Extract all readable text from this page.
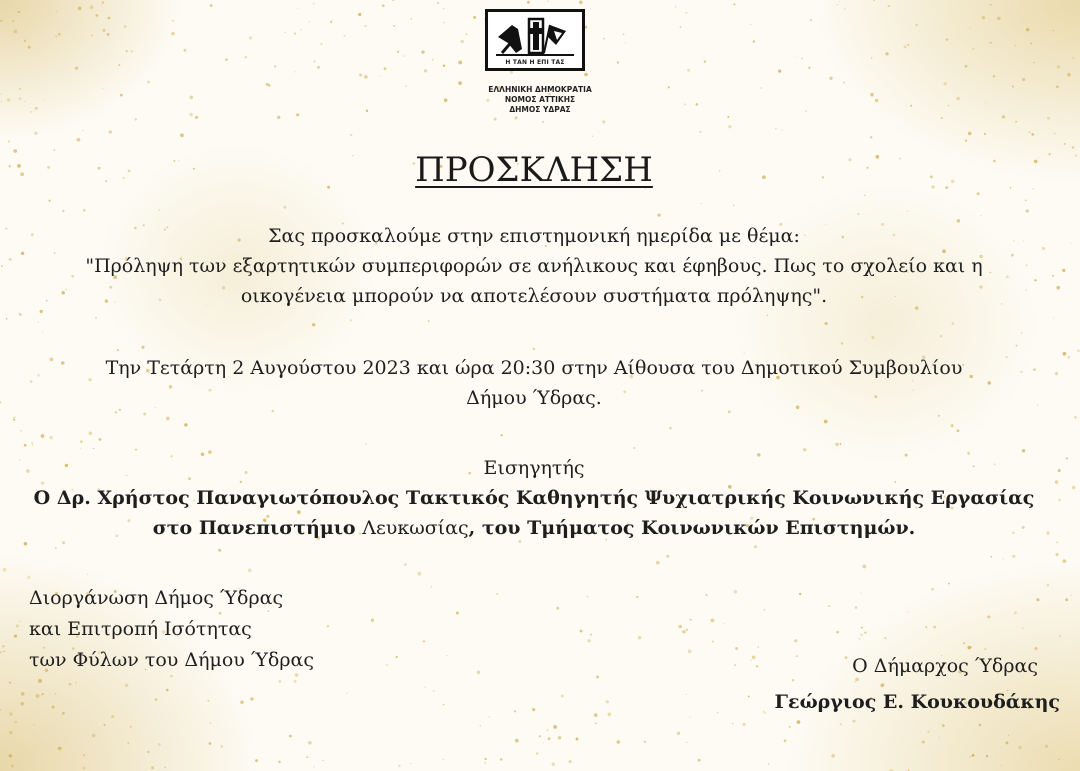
Η ΤΑΝ Η ΕΠΙ ΤΑΣ
ΕΛΛΗΝΙΚΗ ΔΗΜΟΚΡΑΤΙΑ
ΝΟΜΟΣ ΑΤΤΙΚΗΣ
ΔΗΜΟΣ ΥΔΡΑΣ
ΠΡΟΣΚΛΗΣΗ
Σας προσκαλούμε στην επιστημονική ημερίδα με θέμα:
"Πρόληψη των εξαρτητικών συμπεριφορών σε ανήλικους και έφηβους. Πως το σχολείο και η
οικογένεια μπορούν να αποτελέσουν συστήματα πρόληψης".
Την Τετάρτη 2 Αυγούστου 2023 και ώρα 20:30 στην Αίθουσα του Δημοτικού Συμβουλίου
Δήμου Ύδρας.
Εισηγητής
Ο Δρ. Χρήστος Παναγιωτόπουλος Τακτικός Καθηγητής Ψυχιατρικής Κοινωνικής Εργασίας
στο Πανεπιστήμιο Λευκωσίας, του Τμήματος Κοινωνικών Επιστημών.
Διοργάνωση Δήμος Ύδρας
και Επιτροπή Ισότητας
των Φύλων του Δήμου Ύδρας	Ο Δήμαρχος Ύδρας
Γεώργιος Ε. Κουκουδάκης
